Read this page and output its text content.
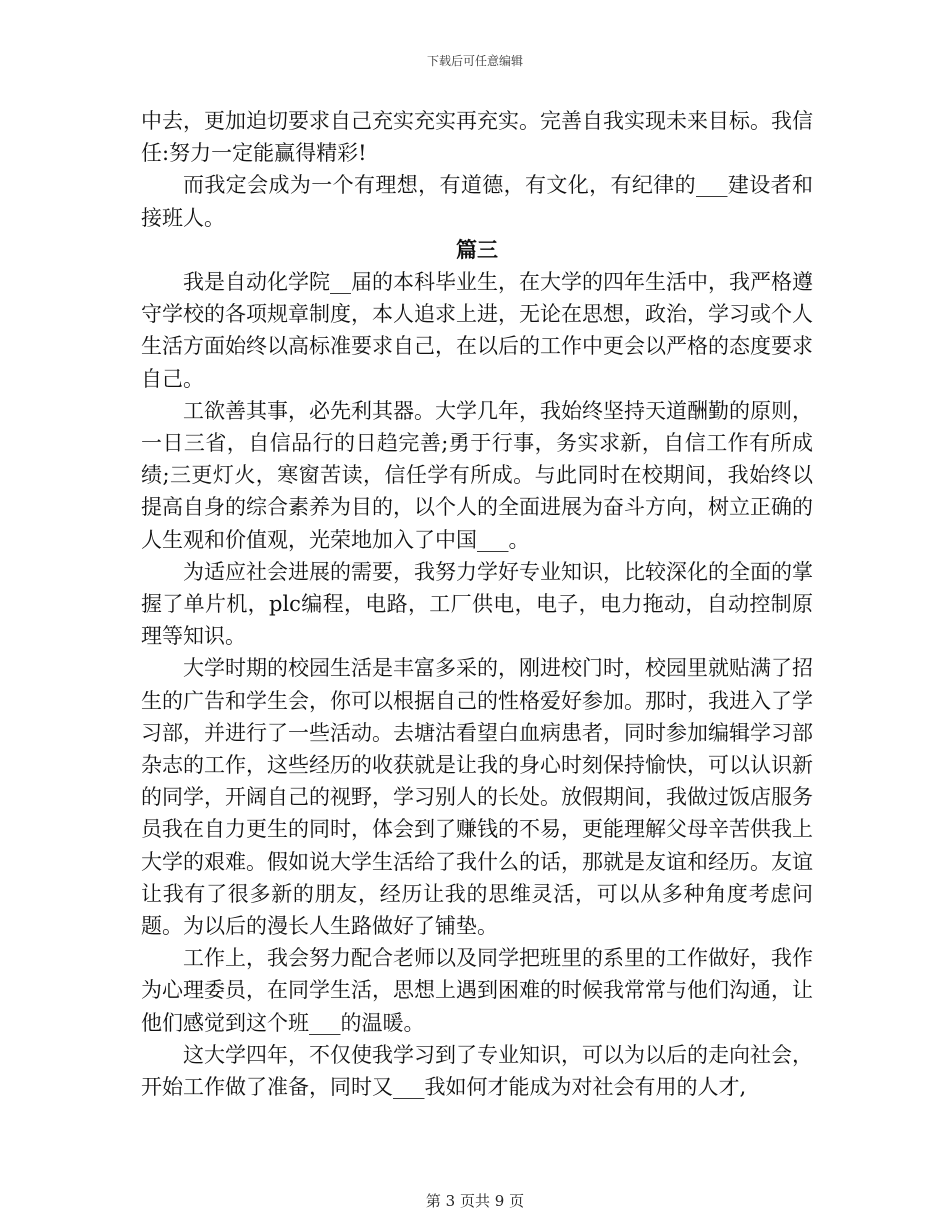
下载后可任意编辑

中去，更加迫切要求自己充实充实再充实。完善自我实现未来目标。我信任:努力一定能赢得精彩!

而我定会成为一个有理想，有道德，有文化，有纪律的___建设者和接班人。

篇三

我是自动化学院__届的本科毕业生，在大学的四年生活中，我严格遵守学校的各项规章制度，本人追求上进，无论在思想，政治，学习或个人生活方面始终以高标准要求自己，在以后的工作中更会以严格的态度要求自己。

工欲善其事，必先利其器。大学几年，我始终坚持天道酬勤的原则，一日三省，自信品行的日趋完善;勇于行事，务实求新，自信工作有所成绩;三更灯火，寒窗苦读，信任学有所成。与此同时在校期间，我始终以提高自身的综合素养为目的，以个人的全面进展为奋斗方向，树立正确的人生观和价值观，光荣地加入了中国___。

为适应社会进展的需要，我努力学好专业知识，比较深化的全面的掌握了单片机，plc编程，电路，工厂供电，电子，电力拖动，自动控制原理等知识。

大学时期的校园生活是丰富多采的，刚进校门时，校园里就贴满了招生的广告和学生会，你可以根据自己的性格爱好参加。那时，我进入了学习部，并进行了一些活动。去塘沽看望白血病患者，同时参加编辑学习部杂志的工作，这些经历的收获就是让我的身心时刻保持愉快，可以认识新的同学，开阔自己的视野，学习别人的长处。放假期间，我做过饭店服务员我在自力更生的同时，体会到了赚钱的不易，更能理解父母辛苦供我上大学的艰难。假如说大学生活给了我什么的话，那就是友谊和经历。友谊让我有了很多新的朋友，经历让我的思维灵活，可以从多种角度考虑问题。为以后的漫长人生路做好了铺垫。

工作上，我会努力配合老师以及同学把班里的系里的工作做好，我作为心理委员，在同学生活，思想上遇到困难的时候我常常与他们沟通，让他们感觉到这个班___的温暖。

这大学四年，不仅使我学习到了专业知识，可以为以后的走向社会，开始工作做了准备，同时又___我如何才能成为对社会有用的人才,

第 3 页共 9 页
